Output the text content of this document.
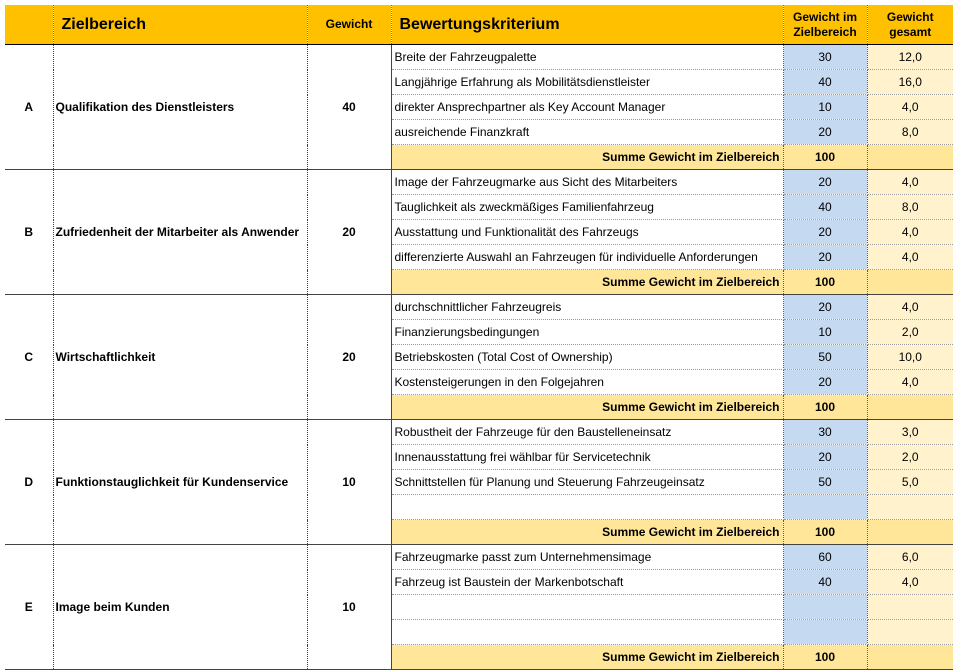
	Zielbereich	Gewicht	Bewertungskriterium	Gewicht im Zielbereich	Gewicht gesamt
A	Qualifikation des Dienstleisters	40	Breite der Fahrzeugpalette	30	12,0
			Langjährige Erfahrung als Mobilitätsdienstleister	40	16,0
			direkter Ansprechpartner als Key Account Manager	10	4,0
			ausreichende Finanzkraft	20	8,0
			Summe Gewicht im Zielbereich	100	
B	Zufriedenheit der Mitarbeiter als Anwender	20	Image der Fahrzeugmarke aus Sicht des Mitarbeiters	20	4,0
			Tauglichkeit als zweckmäßiges Familienfahrzeug	40	8,0
			Ausstattung und Funktionalität des Fahrzeugs	20	4,0
			differenzierte Auswahl an Fahrzeugen für individuelle Anforderungen	20	4,0
			Summe Gewicht im Zielbereich	100	
C	Wirtschaftlichkeit	20	durchschnittlicher Fahrzeugreis	20	4,0
			Finanzierungsbedingungen	10	2,0
			Betriebskosten (Total Cost of Ownership)	50	10,0
			Kostensteigerungen in den Folgejahren	20	4,0
			Summe Gewicht im Zielbereich	100	
D	Funktionstauglichkeit für Kundenservice	10	Robustheit der Fahrzeuge für den Baustelleneinsatz	30	3,0
			Innenausstattung frei wählbar für Servicetechnik	20	2,0
			Schnittstellen für Planung und Steuerung Fahrzeugeinsatz	50	5,0

			Summe Gewicht im Zielbereich	100	
E	Image beim Kunden	10	Fahrzeugmarke passt zum Unternehmensimage	60	6,0
			Fahrzeug ist Baustein der Markenbotschaft	40	4,0

			Summe Gewicht im Zielbereich	100	
